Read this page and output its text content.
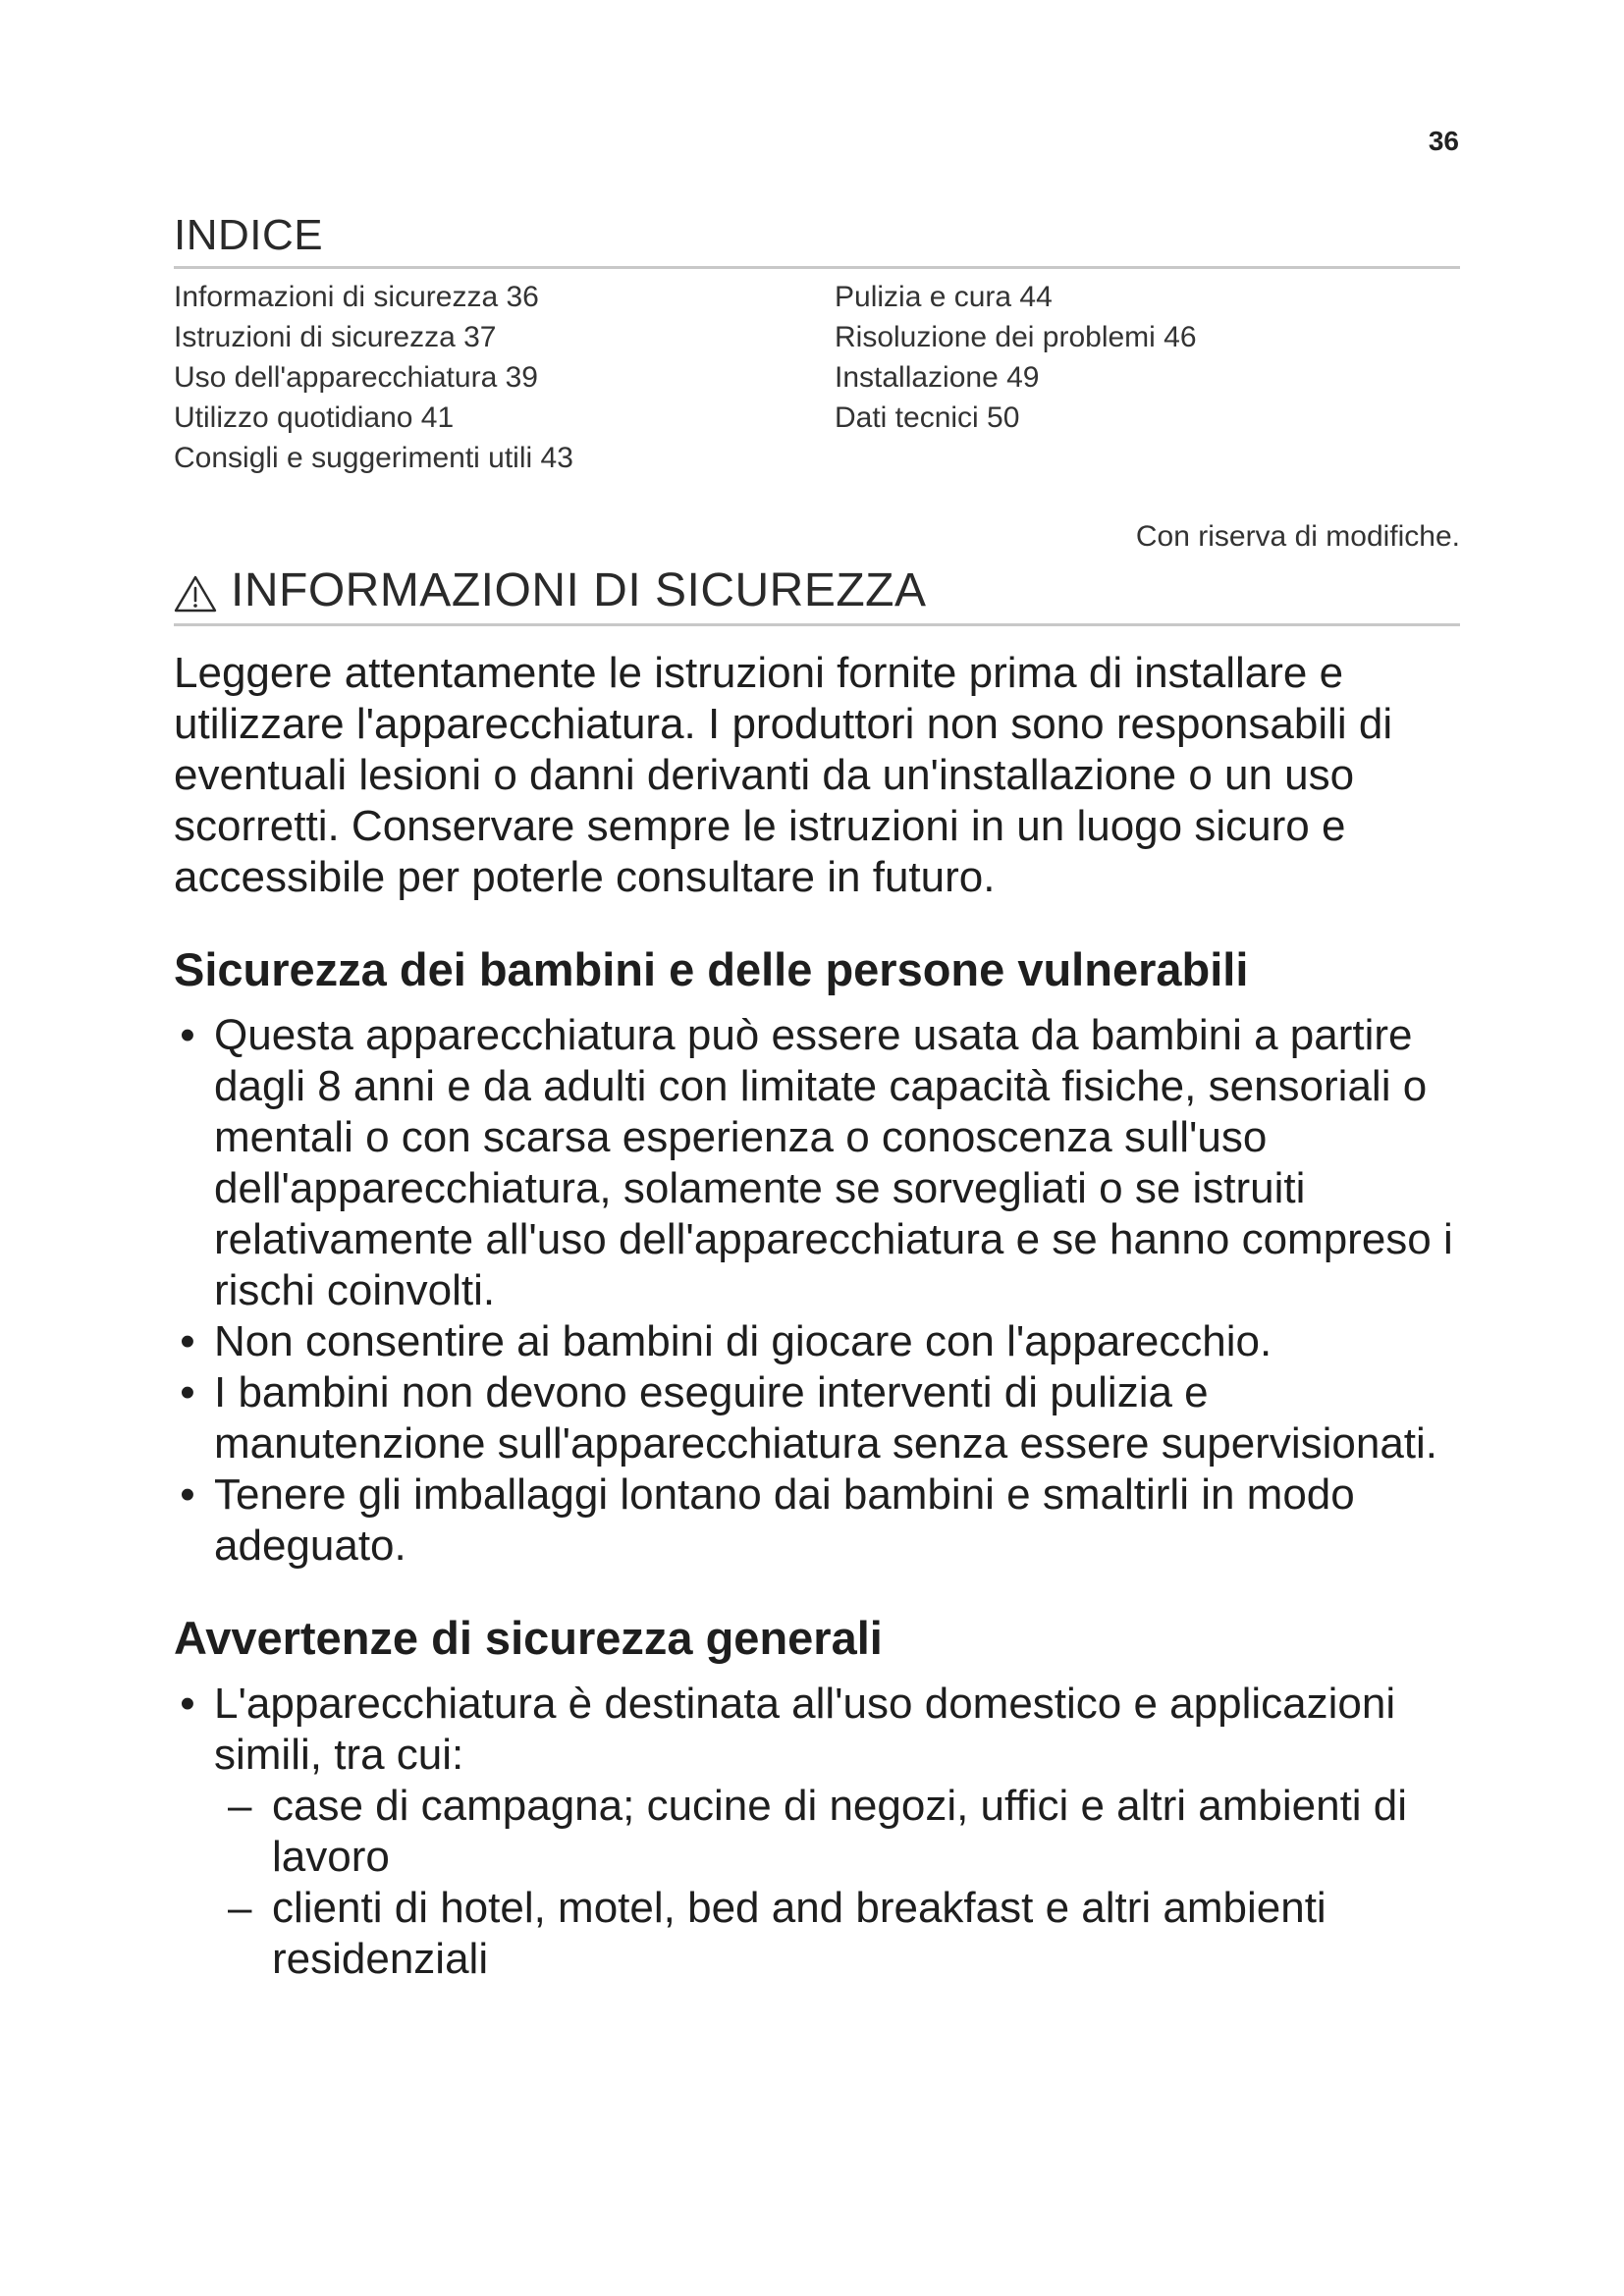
36
INDICE
Informazioni di sicurezza 36
Istruzioni di sicurezza 37
Uso dell'apparecchiatura 39
Utilizzo quotidiano 41
Consigli e suggerimenti utili 43
Pulizia e cura 44
Risoluzione dei problemi 46
Installazione 49
Dati tecnici 50
Con riserva di modifiche.
INFORMAZIONI DI SICUREZZA

Leggere attentamente le istruzioni fornite prima di installare e utilizzare l'apparecchiatura. I produttori non sono responsabili di eventuali lesioni o danni derivanti da un'installazione o un uso scorretti. Conservare sempre le istruzioni in un luogo sicuro e accessibile per poterle consultare in futuro.

Sicurezza dei bambini e delle persone vulnerabili
• Questa apparecchiatura può essere usata da bambini a partire dagli 8 anni e da adulti con limitate capacità fisiche, sensoriali o mentali o con scarsa esperienza o conoscenza sull'uso dell'apparecchiatura, solamente se sorvegliati o se istruiti relativamente all'uso dell'apparecchiatura e se hanno compreso i rischi coinvolti.
• Non consentire ai bambini di giocare con l'apparecchio.
• I bambini non devono eseguire interventi di pulizia e manutenzione sull'apparecchiatura senza essere supervisionati.
• Tenere gli imballaggi lontano dai bambini e smaltirli in modo adeguato.
Avvertenze di sicurezza generali
• L'apparecchiatura è destinata all'uso domestico e applicazioni simili, tra cui:
– case di campagna; cucine di negozi, uffici e altri ambienti di lavoro
– clienti di hotel, motel, bed and breakfast e altri ambienti residenziali
